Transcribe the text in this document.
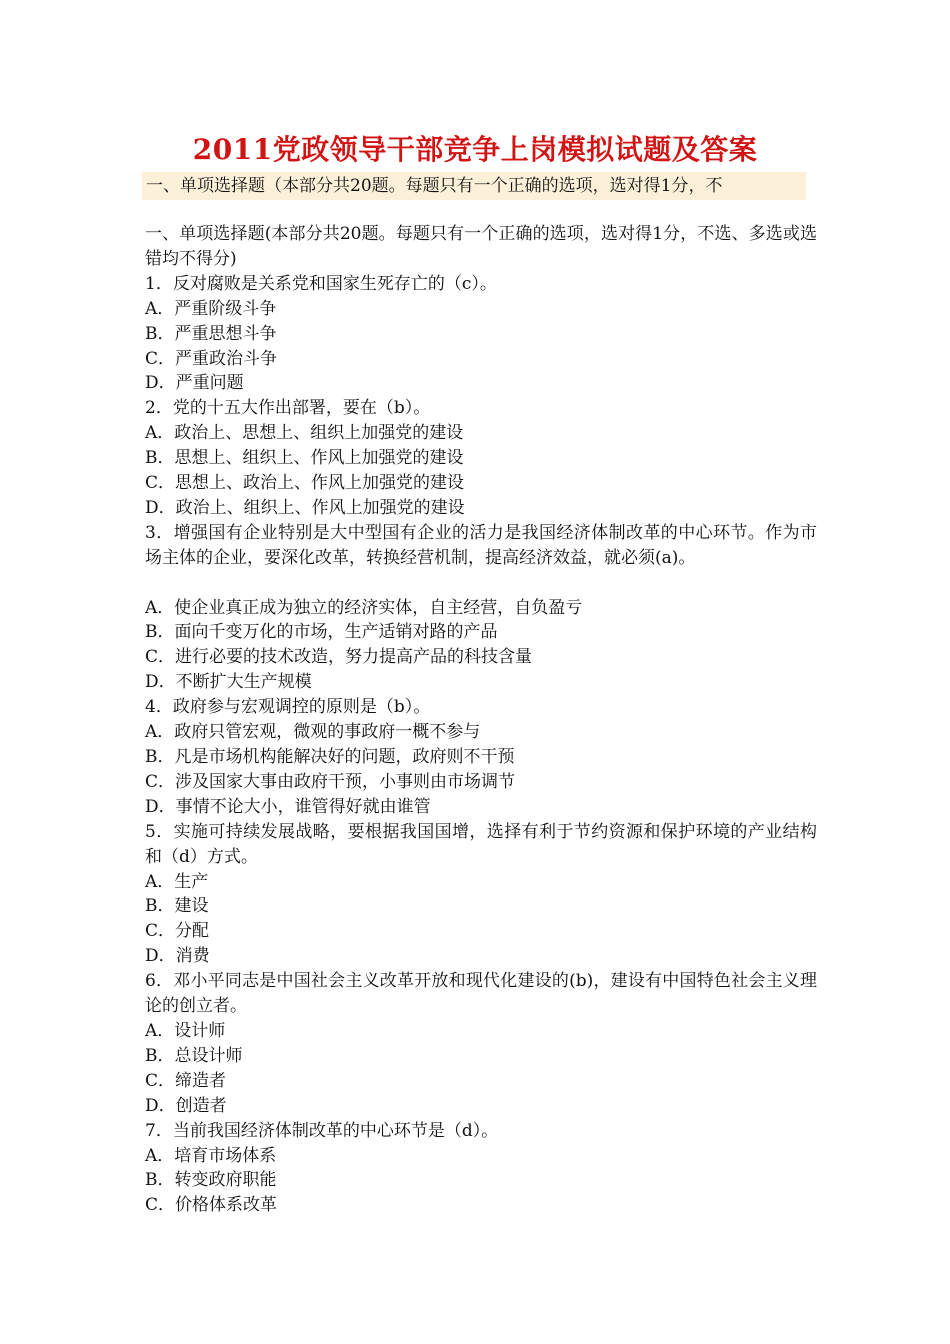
2011党政领导干部竞争上岗模拟试题及答案
一、单项选择题（本部分共20题。每题只有一个正确的选项，选对得1分，不
一、单项选择题(本部分共20题。每题只有一个正确的选项，选对得1分，不选、多选或选错均不得分)
1．反对腐败是关系党和国家生死存亡的（c）。
A．严重阶级斗争
B．严重思想斗争
C．严重政治斗争
D．严重问题
2．党的十五大作出部署，要在（b）。
A．政治上、思想上、组织上加强党的建设
B．思想上、组织上、作风上加强党的建设
C．思想上、政治上、作风上加强党的建设
D．政治上、组织上、作风上加强党的建设
3．增强国有企业特别是大中型国有企业的活力是我国经济体制改革的中心环节。作为市场主体的企业，要深化改革，转换经营机制，提高经济效益，就必须(a)。
A．使企业真正成为独立的经济实体，自主经营，自负盈亏
B．面向千变万化的市场，生产适销对路的产品
C．进行必要的技术改造，努力提高产品的科技含量
D．不断扩大生产规模
4．政府参与宏观调控的原则是（b）。
A．政府只管宏观，微观的事政府一概不参与
B．凡是市场机构能解决好的问题，政府则不干预
C．涉及国家大事由政府干预，小事则由市场调节
D．事情不论大小，谁管得好就由谁管
5．实施可持续发展战略，要根据我国国增，选择有利于节约资源和保护环境的产业结构和（d）方式。
A．生产
B．建设
C．分配
D．消费
6．邓小平同志是中国社会主义改革开放和现代化建设的(b)，建设有中国特色社会主义理论的创立者。
A．设计师
B．总设计师
C．缔造者
D．创造者
7．当前我国经济体制改革的中心环节是（d）。
A．培育市场体系
B．转变政府职能
C．价格体系改革
